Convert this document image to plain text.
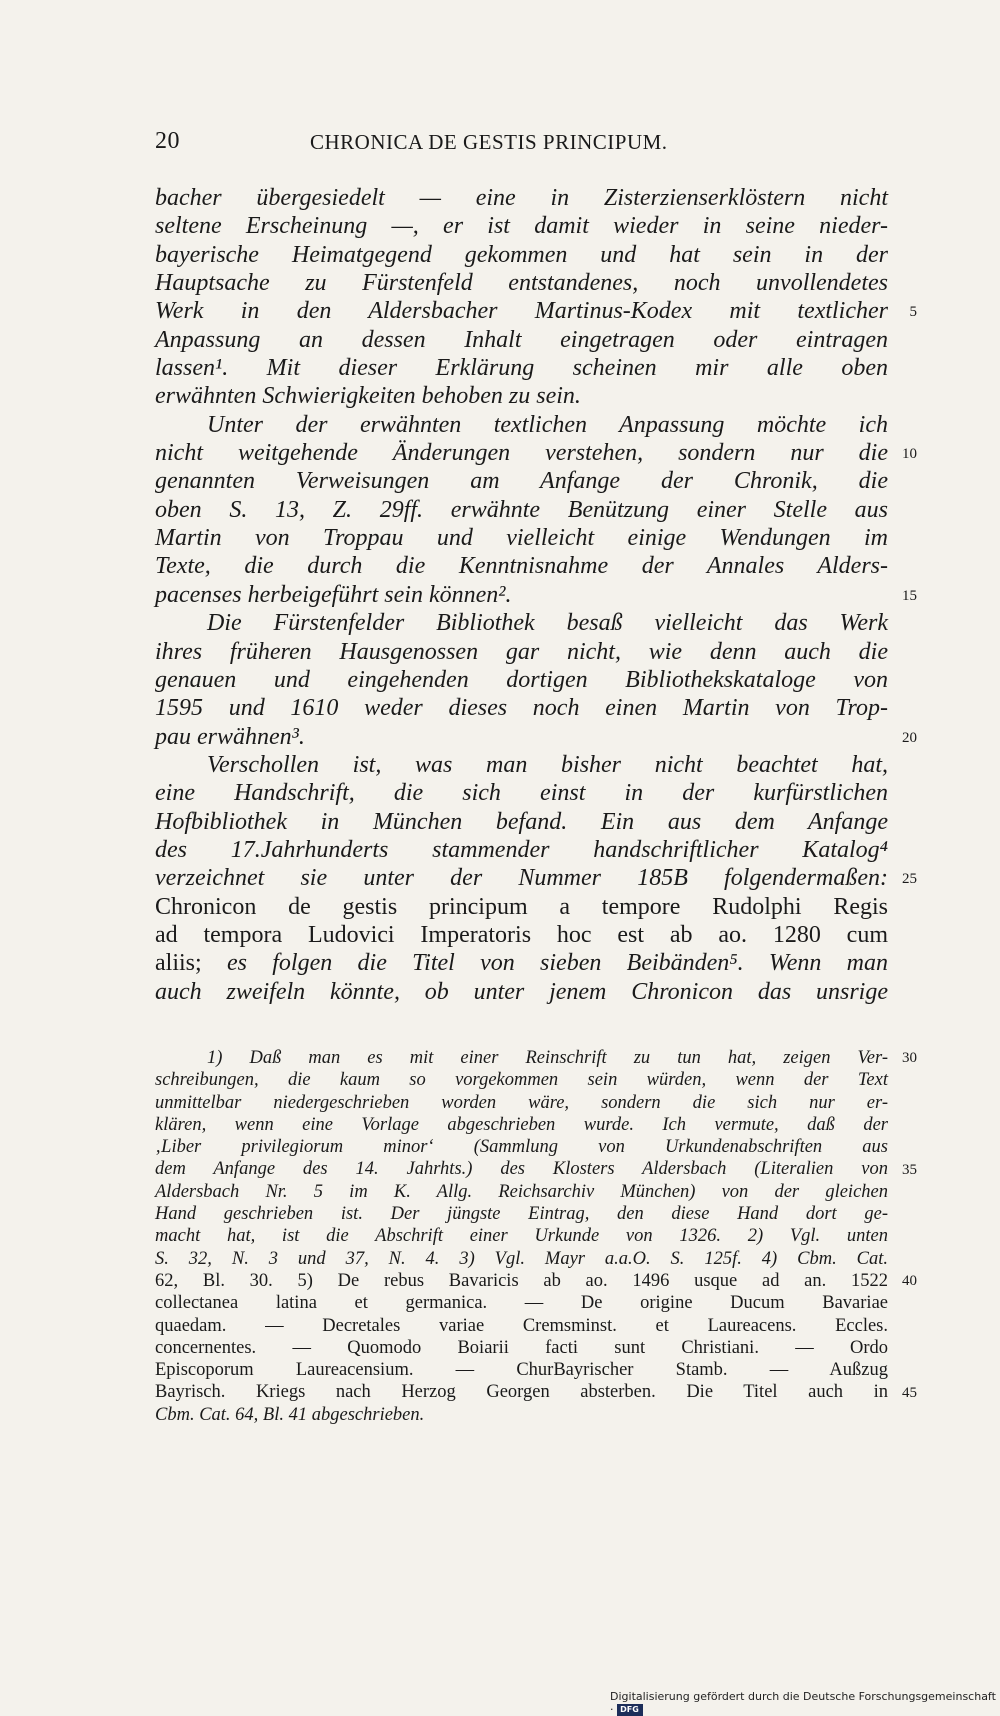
20	CHRONICA DE GESTIS PRINCIPUM.
bacher übergesiedelt — eine in Zisterzienserklöstern nicht
seltene Erscheinung —, er ist damit wieder in seine nieder-
bayerische Heimatgegend gekommen und hat sein in der
Hauptsache zu Fürstenfeld entstandenes, noch unvollendetes
Werk in den Aldersbacher Martinus-Kodex mit textlicher
Anpassung an dessen Inhalt eingetragen oder eintragen
lassen¹. Mit dieser Erklärung scheinen mir alle oben
erwähnten Schwierigkeiten behoben zu sein.
Unter der erwähnten textlichen Anpassung möchte ich
nicht weitgehende Änderungen verstehen, sondern nur die
genannten Verweisungen am Anfange der Chronik, die
oben S. 13, Z. 29ff. erwähnte Benützung einer Stelle aus
Martin von Troppau und vielleicht einige Wendungen im
Texte, die durch die Kenntnisnahme der Annales Alders-
pacenses herbeigeführt sein können².
Die Fürstenfelder Bibliothek besaß vielleicht das Werk
ihres früheren Hausgenossen gar nicht, wie denn auch die
genauen und eingehenden dortigen Bibliothekskataloge von
1595 und 1610 weder dieses noch einen Martin von Trop-
pau erwähnen³.
Verschollen ist, was man bisher nicht beachtet hat,
eine Handschrift, die sich einst in der kurfürstlichen
Hofbibliothek in München befand. Ein aus dem Anfange
des 17.Jahrhunderts stammender handschriftlicher Katalog⁴
verzeichnet sie unter der Nummer 185B folgendermaßen:
Chronicon de gestis principum a tempore Rudolphi Regis
ad tempora Ludovici Imperatoris hoc est ab ao. 1280 cum
aliis; es folgen die Titel von sieben Beibänden⁵. Wenn man
auch zweifeln könnte, ob unter jenem Chronicon das unsrige
5
10
15
20
25
1) Daß man es mit einer Reinschrift zu tun hat, zeigen Ver-
schreibungen, die kaum so vorgekommen sein würden, wenn der Text
unmittelbar niedergeschrieben worden wäre, sondern die sich nur er-
klären, wenn eine Vorlage abgeschrieben wurde. Ich vermute, daß der
‚Liber privilegiorum minor‘ (Sammlung von Urkundenabschriften aus
dem Anfange des 14. Jahrhts.) des Klosters Aldersbach (Literalien von
Aldersbach Nr. 5 im K. Allg. Reichsarchiv München) von der gleichen
Hand geschrieben ist. Der jüngste Eintrag, den diese Hand dort ge-
macht hat, ist die Abschrift einer Urkunde von 1326. 2) Vgl. unten
S. 32, N. 3 und 37, N. 4. 3) Vgl. Mayr a.a.O. S. 125f. 4) Cbm. Cat.
62, Bl. 30. 5) De rebus Bavaricis ab ao. 1496 usque ad an. 1522
collectanea latina et germanica. — De origine Ducum Bavariae
quaedam. — Decretales variae Cremsminst. et Laureacens. Eccles.
concernentes. — Quomodo Boiarii facti sunt Christiani. — Ordo
Episcoporum Laureacensium. — ChurBayrischer Stamb. — Außzug
Bayrisch. Kriegs nach Herzog Georgen absterben. Die Titel auch in
Cbm. Cat. 64, Bl. 41 abgeschrieben.
30
35
40
45
Digitalisierung gefördert durch die Deutsche Forschungsgemeinschaft · DFG
